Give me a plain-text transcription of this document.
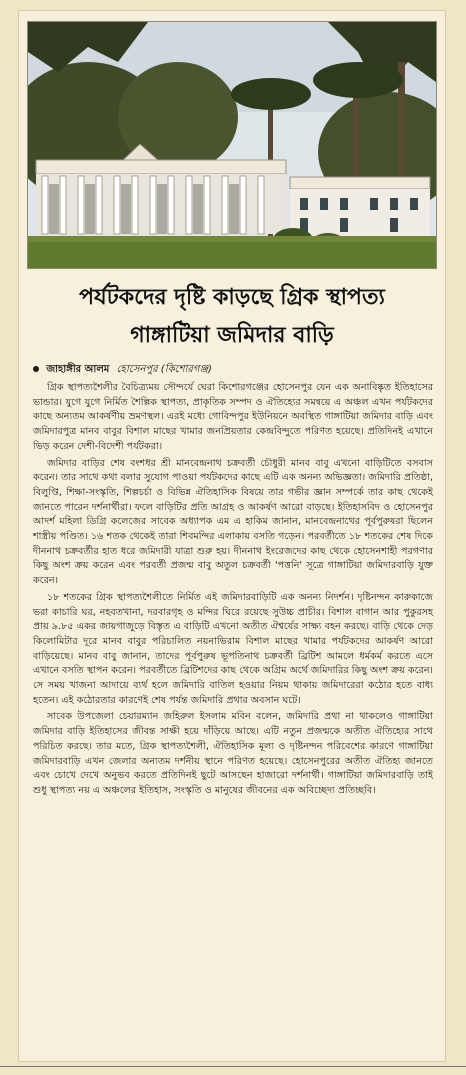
পর্যটকদের দৃষ্টি কাড়ছে গ্রিক স্থাপত্য
গাঙ্গাটিয়া জমিদার বাড়ি
জাহাঙ্গীর আলম হোসেনপুর (কিশোরগঞ্জ)

গ্রিক স্থাপত্যশৈলীর বৈচিত্র্যময় সৌন্দর্যে ঘেরা কিশোরগঞ্জের হোসেনপুর যেন এক অনাবিষ্কৃত ইতিহাসের ভান্ডার। যুগে যুগে নির্মিত শৈল্পিক স্থাপত্য, প্রাকৃতিক সম্পদ ও ঐতিহ্যের সমন্বয়ে এ অঞ্চল এখন পর্যটকদের কাছে অন্যতম আকর্ষণীয় ভ্রমণস্থল। এরই মধ্যে গোবিন্দপুর ইউনিয়নে অবস্থিত গাঙ্গাটিয়া জমিদার বাড়ি এবং জমিদারপুত্র মানব বাবুর বিশাল মাছের খামার জনপ্রিয়তার কেন্দ্রবিন্দুতে পরিণত হয়েছে। প্রতিদিনই এখানে ভিড় করেন দেশী-বিদেশী পর্যটকরা।

জমিদার বাড়ির শেষ বংশধর শ্রী মানবেন্দ্রনাথ চক্রবর্তী চৌধুরী মানব বাবু এখনো বাড়িটিতে বসবাস করেন। তার সাথে কথা বলার সুযোগ পাওয়া পর্যটকদের কাছে এটি এক অনন্য অভিজ্ঞতা। জমিদারি প্রতিষ্ঠা, বিলুপ্তি, শিক্ষা-সংস্কৃতি, শিল্পচর্চা ও বিভিন্ন ঐতিহাসিক বিষয়ে তার গভীর জ্ঞান সম্পর্কে তার কাছ থেকেই জানতে পারেন দর্শনার্থীরা। ফলে বাড়িটির প্রতি আগ্রহ ও আকর্ষণ আরো বাড়ছে। ইতিহাসবিদ ও হোসেনপুর আদর্শ মহিলা ডিগ্রি কলেজের সাবেক অধ্যাপক এম এ হাকিম জানান, মানবেন্দ্রনাথের পূর্বপুরুষরা ছিলেন শাস্ত্রীয় পণ্ডিত। ১৬ শতক থেকেই তারা শিবমন্দির এলাকায় বসতি গড়েন। পরবর্তীতে ১৮ শতকের শেষ দিকে দীননাথ চক্রবর্তীর হাত ধরে জমিদারী যাত্রা শুরু হয়। দীননাথ ইংরেজদের কাছ থেকে হোসেনশাহী পরগণার কিছু অংশ ক্রয় করেন এবং পরবর্তী প্রজন্ম বাবু অতুল চক্রবর্তী 'পত্তনি' সূত্রে গাঙ্গাটিয়া জমিদারবাড়ি যুক্ত করেন।

১৮ শতকের গ্রিক স্থাপত্যশৈলীতে নির্মিত এই জমিদারবাড়িটি এক অনন্য নিদর্শন। দৃষ্টিনন্দন কারুকাজে ভরা কাচারি ঘর, নহবতখানা, দরবারগৃহ ও মন্দির ঘিরে রয়েছে সুউচ্চ প্রাচীর। বিশাল বাগান আর পুকুরসহ প্রায় ৯.৮৫ একর জায়গাজুড়ে বিস্তৃত এ বাড়িটি এখনো অতীত ঐশ্বর্যের সাক্ষ্য বহন করছে। বাড়ি থেকে দেড় কিলোমিটার দূরে মানব বাবুর পরিচালিত নয়নাভিরাম বিশাল মাছের খামার পর্যটকদের আকর্ষণ আরো বাড়িয়েছে। মানব বাবু জানান, তাদের পূর্বপুরুষ ভূপতিনাথ চক্রবর্তী ব্রিটিশ আমলে ধর্মকর্ম করতে এসে এখানে বসতি স্থাপন করেন। পরবর্তীতে ব্রিটিশদের কাছ থেকে অগ্রিম অর্থে জমিদারির কিছু অংশ ক্রয় করেন। সে সময় খাজনা আদায়ে ব্যর্থ হলে জমিদারি বাতিল হওয়ার নিয়ম থাকায় জমিদারেরা কঠোর হতে বাধ্য হতেন। এই কঠোরতার কারণেই শেষ পর্যন্ত জমিদারি প্রথার অবসান ঘটে।

সাবেক উপজেলা চেয়ারম্যান জহিরুল ইসলাম মবিন বলেন, জমিদারি প্রথা না থাকলেও গাঙ্গাটিয়া জমিদার বাড়ি ইতিহাসের জীবন্ত সাক্ষী হয়ে দাঁড়িয়ে আছে। এটি নতুন প্রজন্মকে অতীত ঐতিহ্যের সাথে পরিচিত করছে। তার মতে, গ্রিক স্থাপত্যশৈলী, ঐতিহাসিক মূল্য ও দৃষ্টিনন্দন পরিবেশের কারণে গাঙ্গাটিয়া জমিদারবাড়ি এখন জেলার অন্যতম দর্শনীয় স্থানে পরিণত হয়েছে। হোসেনপুরের অতীত ঐতিহ্য জানতে এবং চোখে দেখে অনুভব করতে প্রতিদিনই ছুটে আসছেন হাজারো দর্শনার্থী। গাঙ্গাটিয়া জমিদারবাড়ি তাই শুধু স্থাপত্য নয় এ অঞ্চলের ইতিহাস, সংস্কৃতি ও মানুষের জীবনের এক অবিচ্ছেদ্য প্রতিচ্ছবি।
